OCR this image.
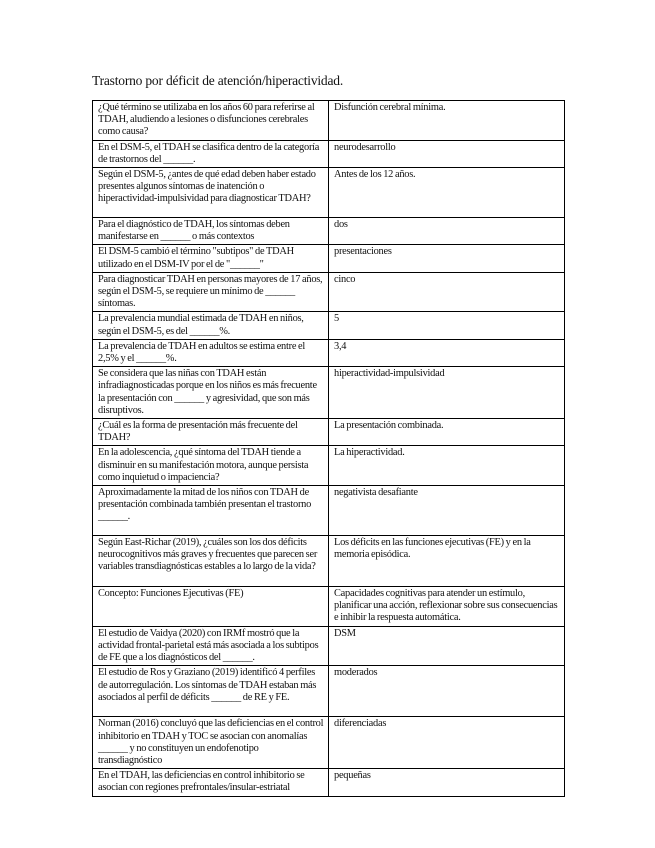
Trastorno por déficit de atención/hiperactividad.
¿Qué término se utilizaba en los años 60 para referirse al TDAH, aludiendo a lesiones o disfunciones cerebrales como causa?	Disfunción cerebral mínima.
En el DSM-5, el TDAH se clasifica dentro de la categoría de trastornos del ______.	neurodesarrollo
Según el DSM-5, ¿antes de qué edad deben haber estado presentes algunos síntomas de inatención o hiperactividad-impulsividad para diagnosticar TDAH?	Antes de los 12 años.
Para el diagnóstico de TDAH, los síntomas deben manifestarse en ______ o más contextos	dos
El DSM-5 cambió el término "subtipos" de TDAH utilizado en el DSM-IV por el de "______"	presentaciones
Para diagnosticar TDAH en personas mayores de 17 años, según el DSM-5, se requiere un mínimo de ______ síntomas.	cinco
La prevalencia mundial estimada de TDAH en niños, según el DSM-5, es del ______%.	5
La prevalencia de TDAH en adultos se estima entre el 2,5% y el ______%.	3,4
Se considera que las niñas con TDAH están infradiagnosticadas porque en los niños es más frecuente la presentación con ______ y agresividad, que son más disruptivos.	hiperactividad-impulsividad
¿Cuál es la forma de presentación más frecuente del TDAH?	La presentación combinada.
En la adolescencia, ¿qué síntoma del TDAH tiende a disminuir en su manifestación motora, aunque persista como inquietud o impaciencia?	La hiperactividad.
Aproximadamente la mitad de los niños con TDAH de presentación combinada también presentan el trastorno ______.	negativista desafiante
Según East-Richar (2019), ¿cuáles son los dos déficits neurocognitivos más graves y frecuentes que parecen ser variables transdiagnósticas estables a lo largo de la vida?	Los déficits en las funciones ejecutivas (FE) y en la memoria episódica.
Concepto: Funciones Ejecutivas (FE)	Capacidades cognitivas para atender un estímulo, planificar una acción, reflexionar sobre sus consecuencias e inhibir la respuesta automática.
El estudio de Vaidya (2020) con IRMf mostró que la actividad frontal-parietal está más asociada a los subtipos de FE que a los diagnósticos del ______.	DSM
El estudio de Ros y Graziano (2019) identificó 4 perfiles de autorregulación. Los síntomas de TDAH estaban más asociados al perfil de déficits ______ de RE y FE.	moderados
Norman (2016) concluyó que las deficiencias en el control inhibitorio en TDAH y TOC se asocian con anomalías ______ y no constituyen un endofenotipo transdiagnóstico	diferenciadas
En el TDAH, las deficiencias en control inhibitorio se asocian con regiones prefrontales/insular-estriatal	pequeñas
